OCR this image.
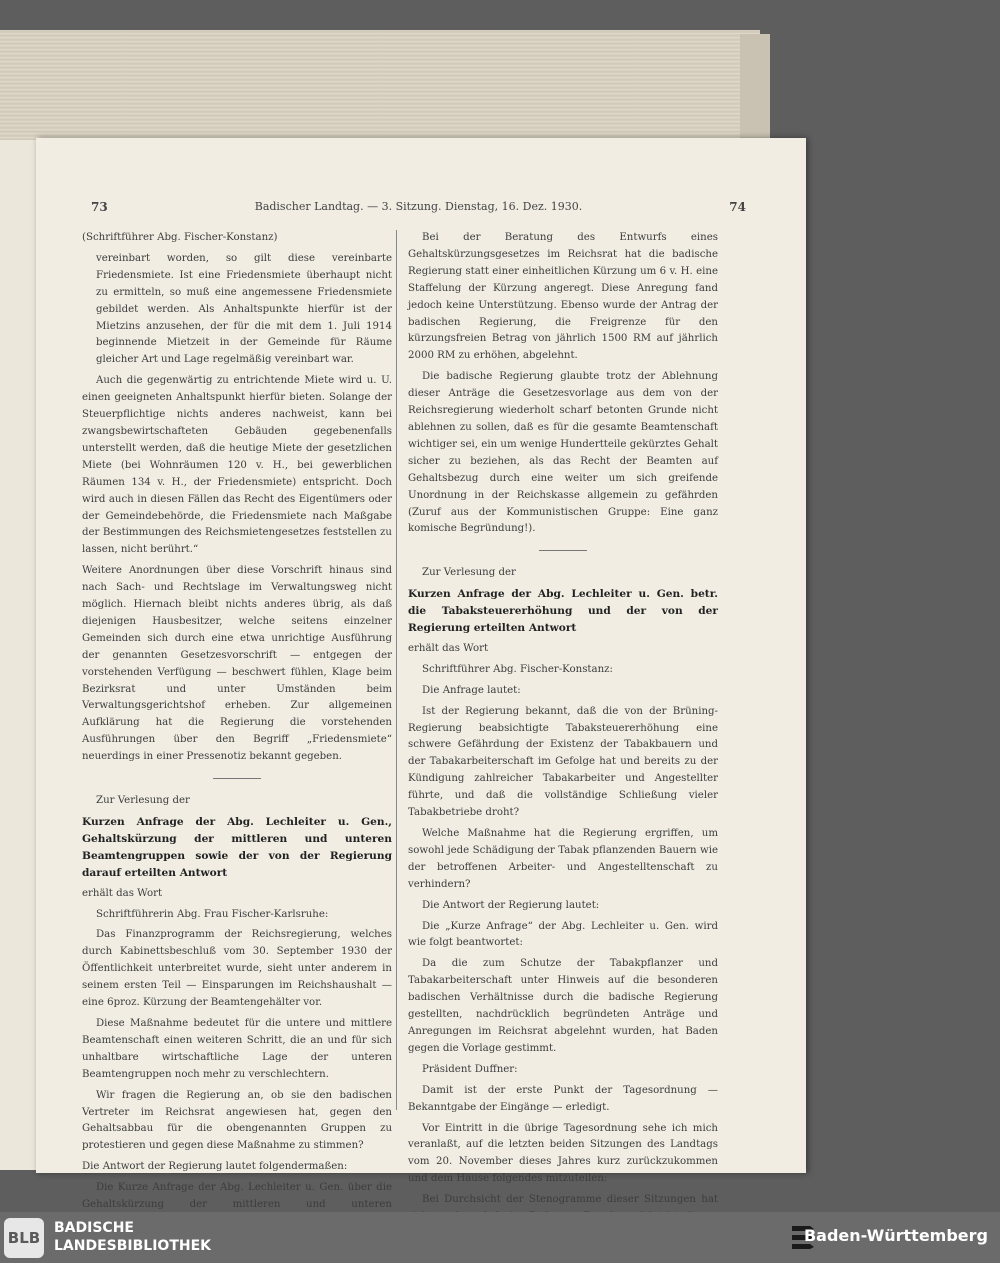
73	Badischer Landtag. — 3. Sitzung. Dienstag, 16. Dez. 1930.	74

(Schriftführer Abg. Fischer-Konstanz)

vereinbart worden, so gilt diese vereinbarte Friedensmiete. Ist eine Friedensmiete überhaupt nicht zu ermitteln, so muß eine angemessene Friedensmiete gebildet werden. Als Anhaltspunkte hierfür ist der Mietzins anzusehen, der für die mit dem 1. Juli 1914 beginnende Mietzeit in der Gemeinde für Räume gleicher Art und Lage regelmäßig vereinbart war.

Auch die gegenwärtig zu entrichtende Miete wird u. U. einen geeigneten Anhaltspunkt hierfür bieten. Solange der Steuerpflichtige nichts anderes nachweist, kann bei zwangsbewirtschafteten Gebäuden gegebenenfalls unterstellt werden, daß die heutige Miete der gesetzlichen Miete (bei Wohnräumen 120 v. H., bei gewerblichen Räumen 134 v. H., der Friedensmiete) entspricht. Doch wird auch in diesen Fällen das Recht des Eigentümers oder der Gemeindebehörde, die Friedensmiete nach Maßgabe der Bestimmungen des Reichsmietengesetzes feststellen zu lassen, nicht berührt.“

Weitere Anordnungen über diese Vorschrift hinaus sind nach Sach- und Rechtslage im Verwaltungsweg nicht möglich. Hiernach bleibt nichts anderes übrig, als daß diejenigen Hausbesitzer, welche seitens einzelner Gemeinden sich durch eine etwa unrichtige Ausführung der genannten Gesetzesvorschrift — entgegen der vorstehenden Verfügung — beschwert fühlen, Klage beim Bezirksrat und unter Umständen beim Verwaltungsgerichtshof erheben. Zur allgemeinen Aufklärung hat die Regierung die vorstehenden Ausführungen über den Begriff „Friedensmiete“ neuerdings in einer Pressenotiz bekannt gegeben.

Zur Verlesung der

Kurzen Anfrage der Abg. Lechleiter u. Gen., Gehaltskürzung der mittleren und unteren Beamtengruppen sowie der von der Regierung darauf erteilten Antwort

erhält das Wort

Schriftführerin Abg. Frau Fischer-Karlsruhe:

Das Finanzprogramm der Reichsregierung, welches durch Kabinettsbeschluß vom 30. September 1930 der Öffentlichkeit unterbreitet wurde, sieht unter anderem in seinem ersten Teil — Einsparungen im Reichshaushalt — eine 6proz. Kürzung der Beamtengehälter vor.

Diese Maßnahme bedeutet für die untere und mittlere Beamtenschaft einen weiteren Schritt, die an und für sich unhaltbare wirtschaftliche Lage der unteren Beamtengruppen noch mehr zu verschlechtern.

Wir fragen die Regierung an, ob sie den badischen Vertreter im Reichsrat angewiesen hat, gegen den Gehaltsabbau für die obengenannten Gruppen zu protestieren und gegen diese Maßnahme zu stimmen?

Die Antwort der Regierung lautet folgendermaßen:

Die Kurze Anfrage der Abg. Lechleiter u. Gen. über die Gehaltskürzung der mittleren und unteren

Bei der Beratung des Entwurfs eines Gehaltskürzungsgesetzes im Reichsrat hat die badische Regierung statt einer einheitlichen Kürzung um 6 v. H. eine Staffelung der Kürzung angeregt. Diese Anregung fand jedoch keine Unterstützung. Ebenso wurde der Antrag der badischen Regierung, die Freigrenze für den kürzungsfreien Betrag von jährlich 1500 RM auf jährlich 2000 RM zu erhöhen, abgelehnt.

Die badische Regierung glaubte trotz der Ablehnung dieser Anträge die Gesetzesvorlage aus dem von der Reichsregierung wiederholt scharf betonten Grunde nicht ablehnen zu sollen, daß es für die gesamte Beamtenschaft wichtiger sei, ein um wenige Hundertteile gekürztes Gehalt sicher zu beziehen, als das Recht der Beamten auf Gehaltsbezug durch eine weiter um sich greifende Unordnung in der Reichskasse allgemein zu gefährden (Zuruf aus der Kommunistischen Gruppe: Eine ganz komische Begründung!).

Zur Verlesung der

Kurzen Anfrage der Abg. Lechleiter u. Gen. betr. die Tabaksteuererhöhung und der von der Regierung erteilten Antwort

erhält das Wort

Schriftführer Abg. Fischer-Konstanz:

Die Anfrage lautet:

Ist der Regierung bekannt, daß die von der Brüning-Regierung beabsichtigte Tabaksteuererhöhung eine schwere Gefährdung der Existenz der Tabakbauern und der Tabakarbeiterschaft im Gefolge hat und bereits zu der Kündigung zahlreicher Tabakarbeiter und Angestellter führte, und daß die vollständige Schließung vieler Tabakbetriebe droht?

Welche Maßnahme hat die Regierung ergriffen, um sowohl jede Schädigung der Tabak pflanzenden Bauern wie der betroffenen Arbeiter- und Angestelltenschaft zu verhindern?

Die Antwort der Regierung lautet:

Die „Kurze Anfrage“ der Abg. Lechleiter u. Gen. wird wie folgt beantwortet:

Da die zum Schutze der Tabakpflanzer und Tabakarbeiterschaft unter Hinweis auf die besonderen badischen Verhältnisse durch die badische Regierung gestellten, nachdrücklich begründeten Anträge und Anregungen im Reichsrat abgelehnt wurden, hat Baden gegen die Vorlage gestimmt.

Präsident Duffner:

Damit ist der erste Punkt der Tagesordnung — Bekanntgabe der Eingänge — erledigt.

Vor Eintritt in die übrige Tagesordnung sehe ich mich veranlaßt, auf die letzten beiden Sitzungen des Landtags vom 20. November dieses Jahres kurz zurückzukommen und dem Hause folgendes mitzuteilen:

Bei Durchsicht der Stenogramme dieser Sitzungen hat

BLB
BADISCHE
LANDESBIBLIOTHEK
Baden-Württemberg
